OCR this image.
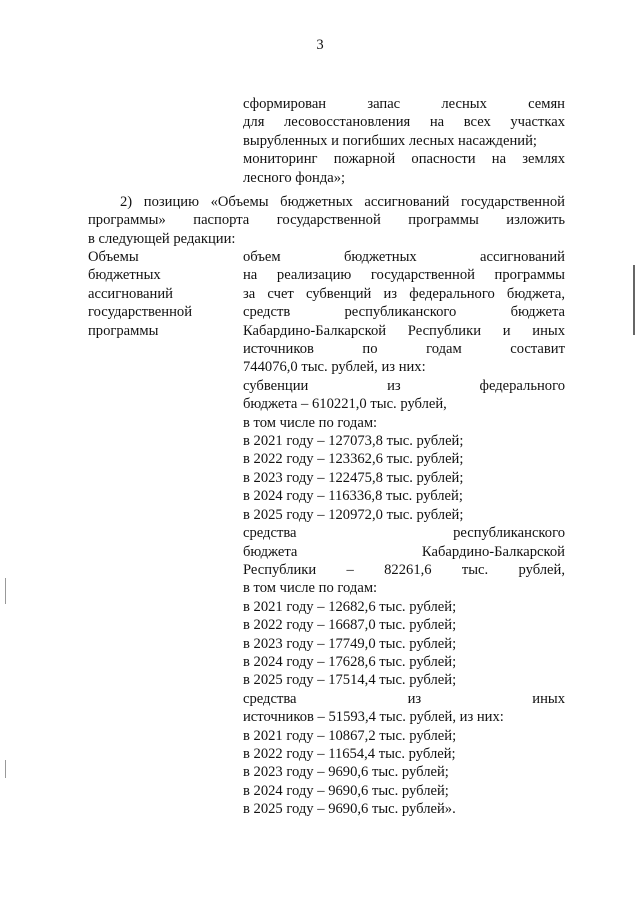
3
сформирован запас лесных семян
для лесовосстановления на всех участках
вырубленных и погибших лесных насаждений;
мониторинг пожарной опасности на землях
лесного фонда»;
2) позицию «Объемы бюджетных ассигнований государственной
программы» паспорта государственной программы изложить
в следующей редакции:
Объемы
бюджетных
ассигнований
государственной
программы
объем бюджетных ассигнований
на реализацию государственной программы
за счет субвенций из федерального бюджета,
средств республиканского бюджета
Кабардино-Балкарской Республики и иных
источников по годам составит
744076,0 тыс. рублей, из них:
субвенции из федерального
бюджета – 610221,0 тыс. рублей,
в том числе по годам:
в 2021 году – 127073,8 тыс. рублей;
в 2022 году – 123362,6 тыс. рублей;
в 2023 году – 122475,8 тыс. рублей;
в 2024 году – 116336,8 тыс. рублей;
в 2025 году – 120972,0 тыс. рублей;
средства республиканского
бюджета Кабардино-Балкарской
Республики – 82261,6 тыс. рублей,
в том числе по годам:
в 2021 году – 12682,6 тыс. рублей;
в 2022 году – 16687,0 тыс. рублей;
в 2023 году – 17749,0 тыс. рублей;
в 2024 году – 17628,6 тыс. рублей;
в 2025 году – 17514,4 тыс. рублей;
средства из иных
источников – 51593,4 тыс. рублей, из них:
в 2021 году – 10867,2 тыс. рублей;
в 2022 году – 11654,4 тыс. рублей;
в 2023 году – 9690,6 тыс. рублей;
в 2024 году – 9690,6 тыс. рублей;
в 2025 году – 9690,6 тыс. рублей».
